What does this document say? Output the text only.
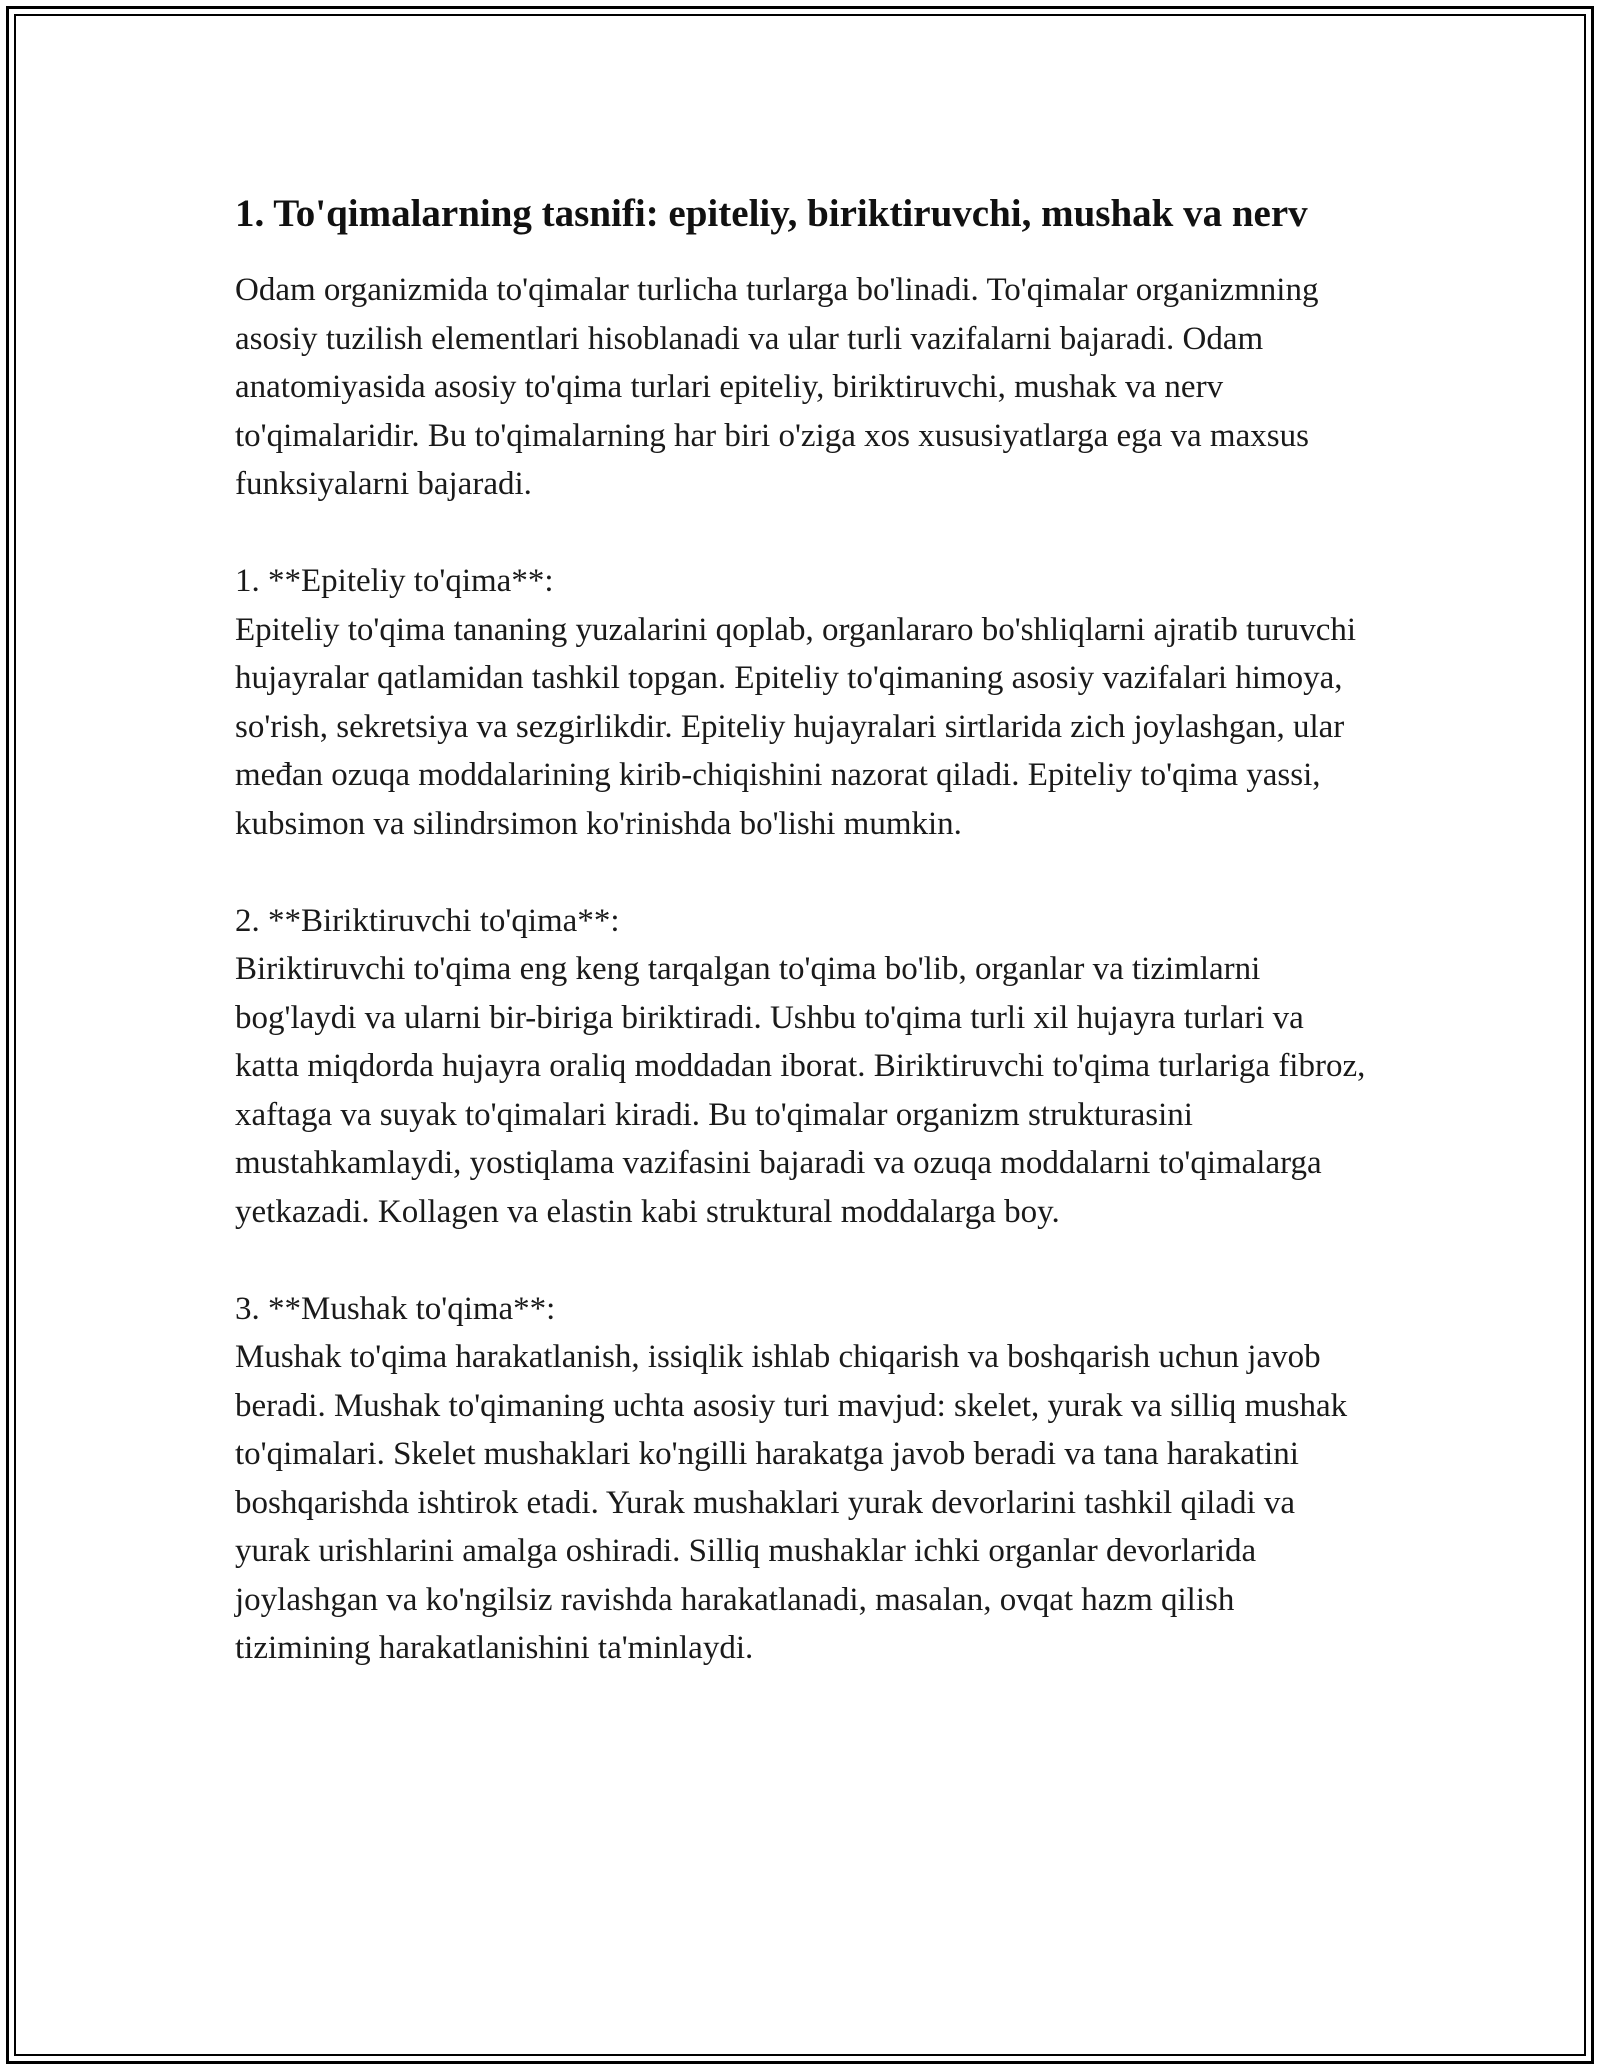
1. To'qimalarning tasnifi: epiteliy, biriktiruvchi, mushak va nerv

Odam organizmida to'qimalar turlicha turlarga bo'linadi. To'qimalar organizmning asosiy tuzilish elementlari hisoblanadi va ular turli vazifalarni bajaradi. Odam anatomiyasida asosiy to'qima turlari epiteliy, biriktiruvchi, mushak va nerv to'qimalaridir. Bu to'qimalarning har biri o'ziga xos xususiyatlarga ega va maxsus funksiyalarni bajaradi.

1. **Epiteliy to'qima**:

Epiteliy to'qima tananing yuzalarini qoplab, organlararo bo'shliqlarni ajratib turuvchi hujayralar qatlamidan tashkil topgan. Epiteliy to'qimaning asosiy vazifalari himoya, so'rish, sekretsiya va sezgirlikdir. Epiteliy hujayralari sirtlarida zich joylashgan, ular međan ozuqa moddalarining kirib-chiqishini nazorat qiladi. Epiteliy to'qima yassi, kubsimon va silindrsimon ko'rinishda bo'lishi mumkin.

2. **Biriktiruvchi to'qima**:

Biriktiruvchi to'qima eng keng tarqalgan to'qima bo'lib, organlar va tizimlarni bog'laydi va ularni bir-biriga biriktiradi. Ushbu to'qima turli xil hujayra turlari va katta miqdorda hujayra oraliq moddadan iborat. Biriktiruvchi to'qima turlariga fibroz, xaftaga va suyak to'qimalari kiradi. Bu to'qimalar organizm strukturasini mustahkamlaydi, yostiqlama vazifasini bajaradi va ozuqa moddalarni to'qimalarga yetkazadi. Kollagen va elastin kabi struktural moddalarga boy.

3. **Mushak to'qima**:

Mushak to'qima harakatlanish, issiqlik ishlab chiqarish va boshqarish uchun javob beradi. Mushak to'qimaning uchta asosiy turi mavjud: skelet, yurak va silliq mushak to'qimalari. Skelet mushaklari ko'ngilli harakatga javob beradi va tana harakatini boshqarishda ishtirok etadi. Yurak mushaklari yurak devorlarini tashkil qiladi va yurak urishlarini amalga oshiradi. Silliq mushaklar ichki organlar devorlarida joylashgan va ko'ngilsiz ravishda harakatlanadi, masalan, ovqat hazm qilish tizimining harakatlanishini ta'minlaydi.
